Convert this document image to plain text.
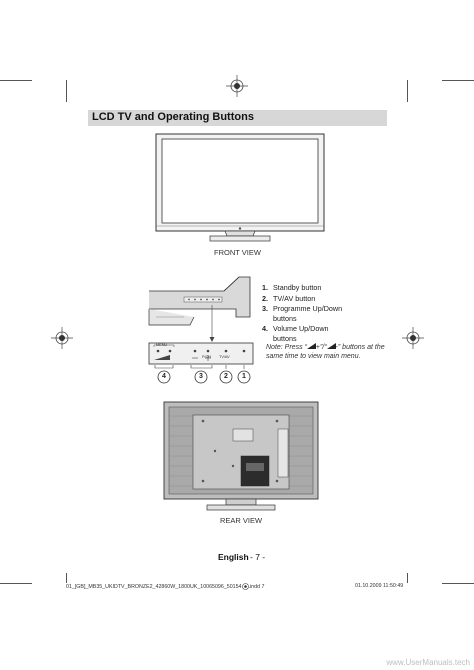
LCD TV and Operating Buttons
FRONT VIEW
MENU
P/CH TV/AV
4	3	2 1
1. Standby button
2. TV/AV button
3. Programme Up/Down buttons
4. Volume Up/Down buttons
Note: Press “ +”/“ -” buttons at the same time to view main menu.
REAR VIEW
English - 7 -
01_[GB]_MB35_UKIDTV_BRONZE2_42860W_1800UK_10065096_50154 .indd 7	01.10.2009 11:50:49
www.UserManuals.tech
